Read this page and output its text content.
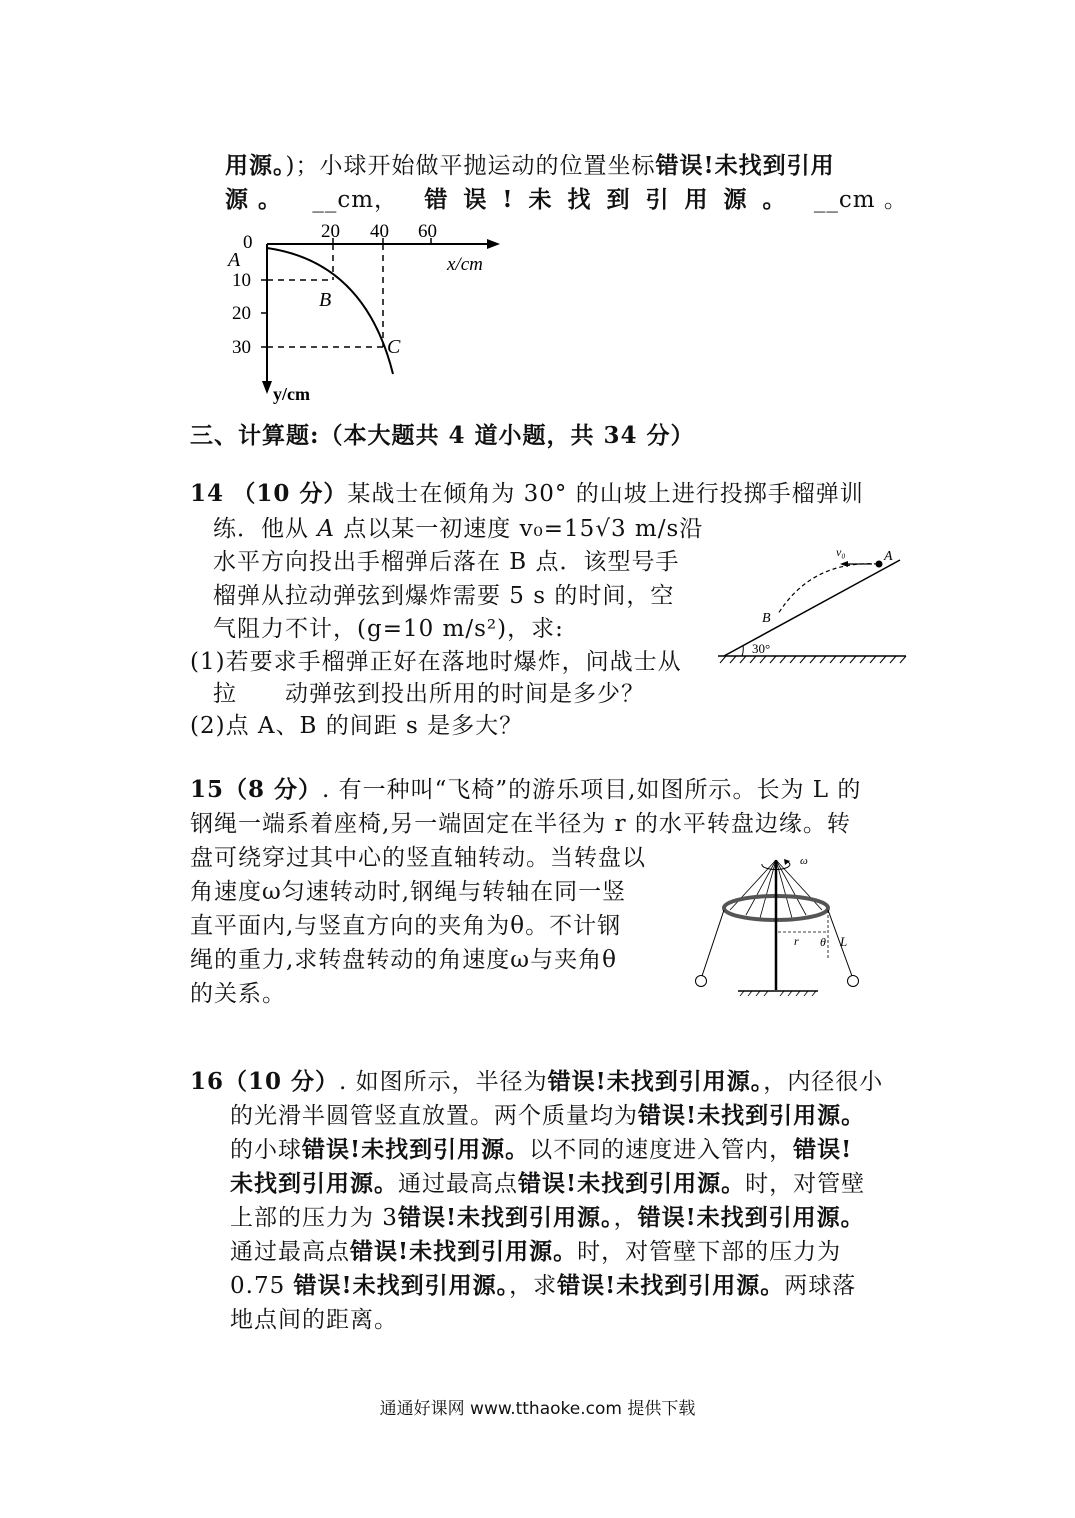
用源。)；小球开始做平抛运动的位置坐标错误!未找到引用
源 。 __cm， 错 误 ! 未 找 到 引 用 源 。 __cm 。
0
A
B
C
20 40 60
x/cm
10
20
30
y/cm
三、计算题:（本大题共 4 道小题，共 34 分）
14 （10 分）某战士在倾角为 30° 的山坡上进行投掷手榴弹训
练．他从 A 点以某一初速度 v₀=15√3 m/s沿
水平方向投出手榴弹后落在 B 点．该型号手
榴弹从拉动弹弦到爆炸需要 5 s 的时间，空
气阻力不计，(g=10 m/s²)，求:
(1)若要求手榴弹正好在落地时爆炸，问战士从
拉　　动弹弦到投出所用的时间是多少？
(2)点 A、B 的间距 s 是多大？
30°
v₀	A
B
15（8 分）. 有一种叫“飞椅”的游乐项目,如图所示。长为 L 的
钢绳一端系着座椅,另一端固定在半径为 r 的水平转盘边缘。转
盘可绕穿过其中心的竖直轴转动。当转盘以
角速度ω匀速转动时,钢绳与转轴在同一竖
直平面内,与竖直方向的夹角为θ。不计钢
绳的重力,求转盘转动的角速度ω与夹角θ
的关系。
ω
r θ L
16（10 分）. 如图所示，半径为错误!未找到引用源。，内径很小
的光滑半圆管竖直放置。两个质量均为错误!未找到引用源。
的小球错误!未找到引用源。以不同的速度进入管内，错误!
未找到引用源。通过最高点错误!未找到引用源。时，对管壁
上部的压力为 3错误!未找到引用源。，错误!未找到引用源。
通过最高点错误!未找到引用源。时，对管壁下部的压力为
0.75 错误!未找到引用源。，求错误!未找到引用源。两球落
地点间的距离。
通通好课网 www.tthaoke.com 提供下载
